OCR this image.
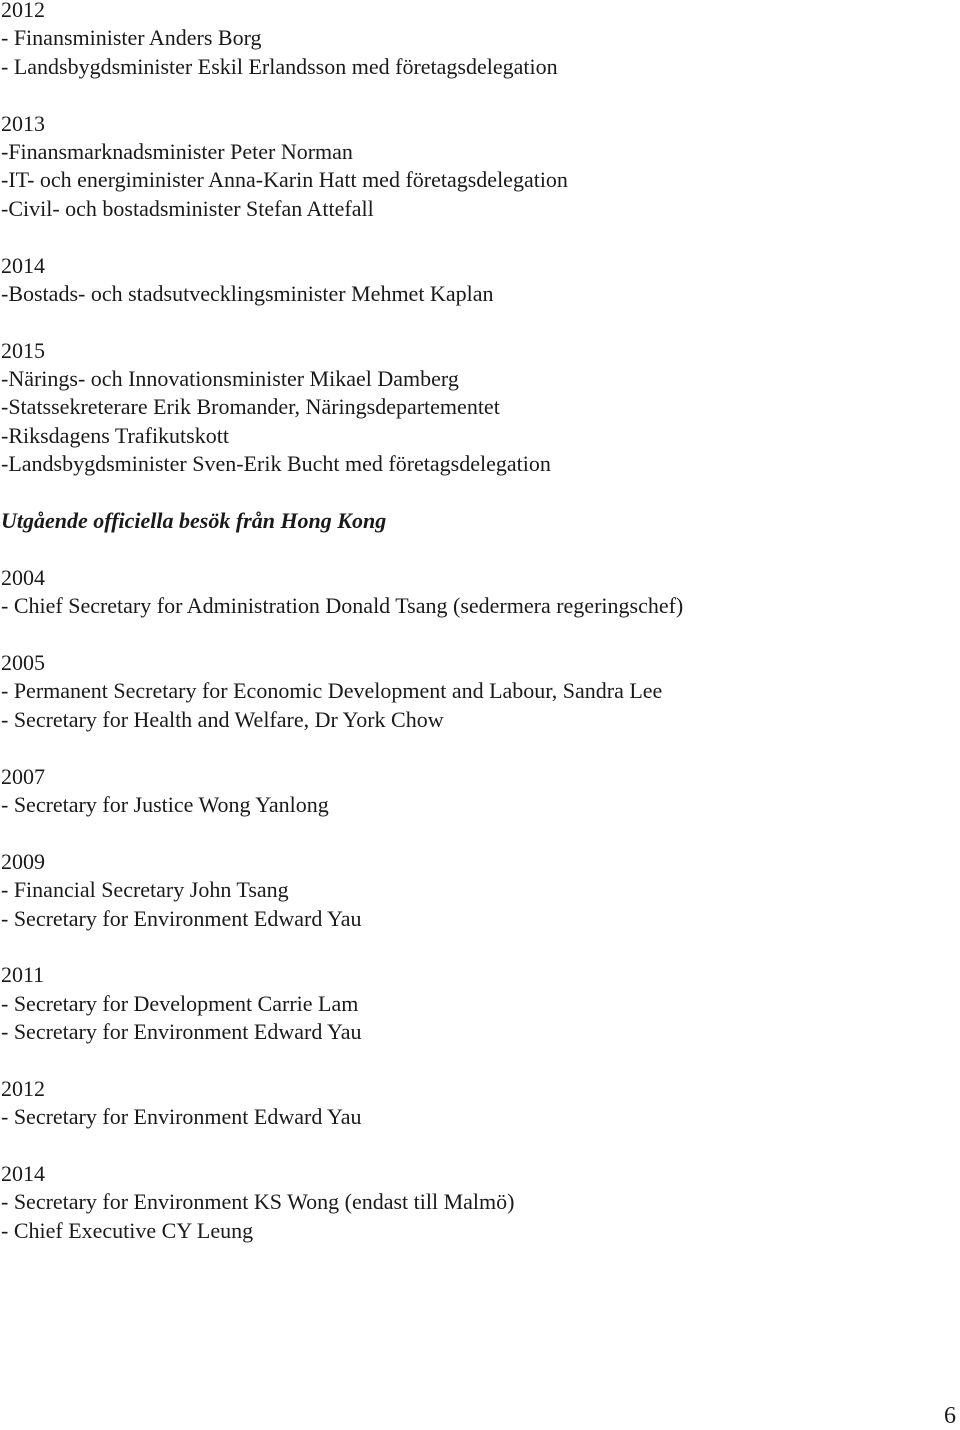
2012

- Finansminister Anders Borg

- Landsbygdsminister Eskil Erlandsson med företagsdelegation

2013

-Finansmarknadsminister Peter Norman

-IT- och energiminister Anna-Karin Hatt med företagsdelegation

-Civil- och bostadsminister Stefan Attefall

2014

-Bostads- och stadsutvecklingsminister Mehmet Kaplan

2015

-Närings- och Innovationsminister Mikael Damberg

-Statssekreterare Erik Bromander, Näringsdepartementet

-Riksdagens Trafikutskott

-Landsbygdsminister Sven-Erik Bucht med företagsdelegation

Utgående officiella besök från Hong Kong

2004

- Chief Secretary for Administration Donald Tsang (sedermera regeringschef)

2005

- Permanent Secretary for Economic Development and Labour, Sandra Lee

- Secretary for Health and Welfare, Dr York Chow

2007

- Secretary for Justice Wong Yanlong

2009

- Financial Secretary John Tsang

- Secretary for Environment Edward Yau

2011

- Secretary for Development Carrie Lam

- Secretary for Environment Edward Yau

2012

- Secretary for Environment Edward Yau

2014

- Secretary for Environment KS Wong (endast till Malmö)

- Chief Executive CY Leung

6
